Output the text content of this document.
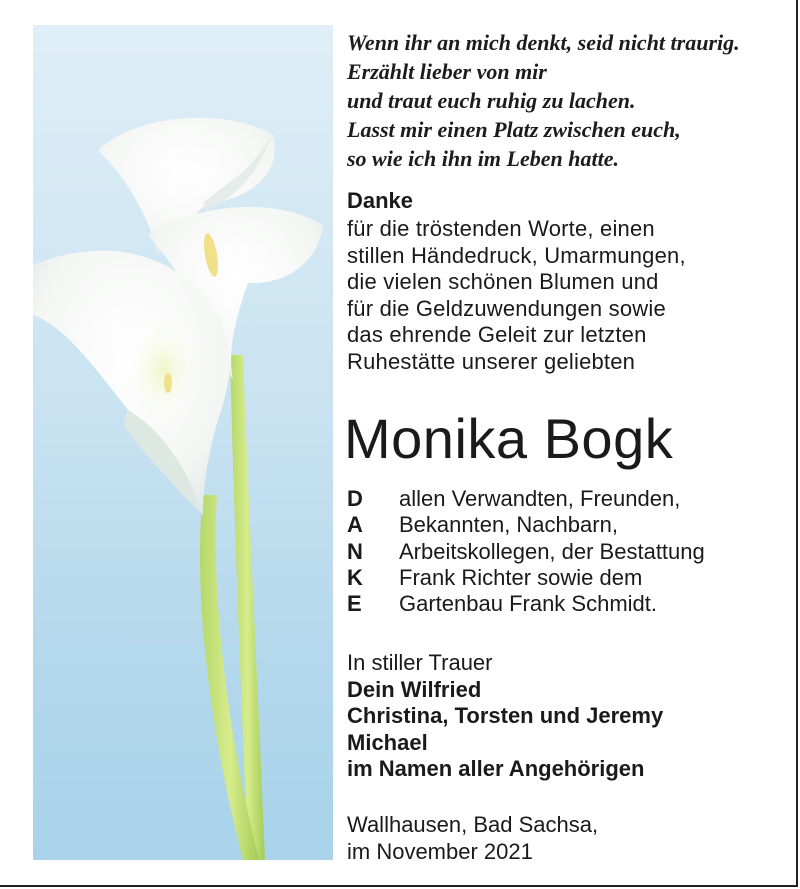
Wenn ihr an mich denkt, seid nicht traurig.
Erzählt lieber von mir
und traut euch ruhig zu lachen.
Lasst mir einen Platz zwischen euch,
so wie ich ihn im Leben hatte.
Danke
für die tröstenden Worte, einen
stillen Händedruck, Umarmungen,
die vielen schönen Blumen und
für die Geldzuwendungen sowie
das ehrende Geleit zur letzten
Ruhestätte unserer geliebten
Monika Bogk
D	allen Verwandten, Freunden,
A	Bekannten, Nachbarn,
N	Arbeitskollegen, der Bestattung
K	Frank Richter sowie dem
E	Gartenbau Frank Schmidt.
In stiller Trauer
Dein Wilfried
Christina, Torsten und Jeremy
Michael
im Namen aller Angehörigen
Wallhausen, Bad Sachsa,
im November 2021
